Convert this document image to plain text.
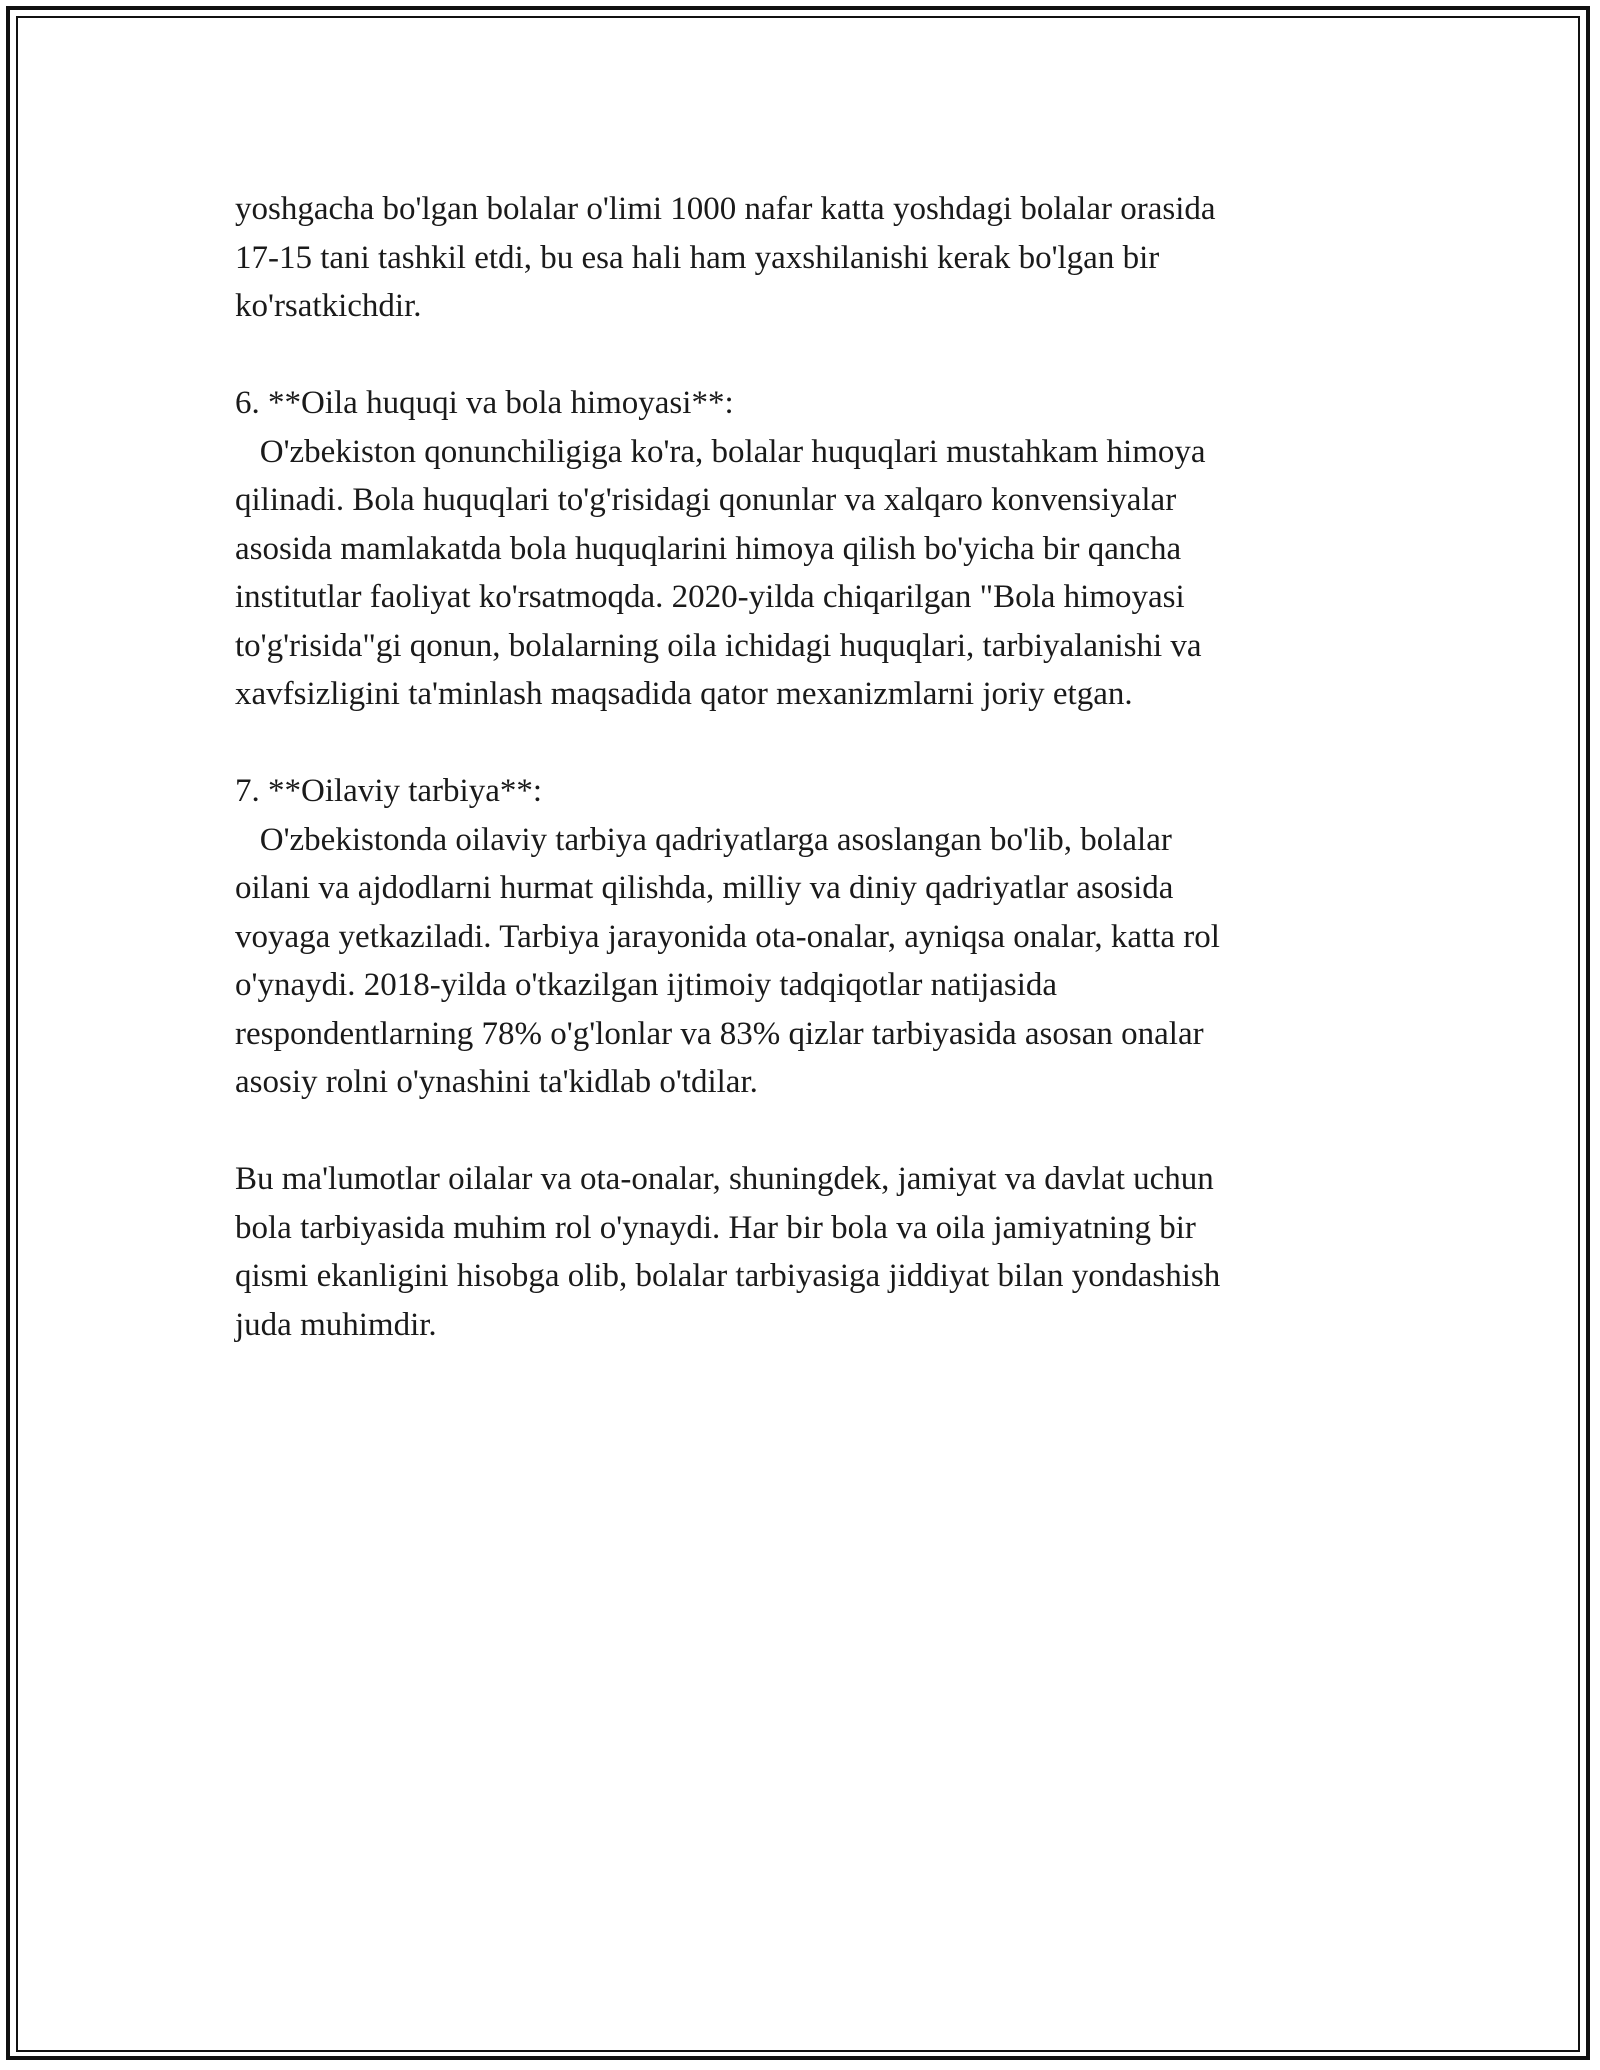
yoshgacha bo'lgan bolalar o'limi 1000 nafar katta yoshdagi bolalar orasida
17-15 tani tashkil etdi, bu esa hali ham yaxshilanishi kerak bo'lgan bir
ko'rsatkichdir.
6. **Oila huquqi va bola himoyasi**:
O'zbekiston qonunchiligiga ko'ra, bolalar huquqlari mustahkam himoya
qilinadi. Bola huquqlari to'g'risidagi qonunlar va xalqaro konvensiyalar
asosida mamlakatda bola huquqlarini himoya qilish bo'yicha bir qancha
institutlar faoliyat ko'rsatmoqda. 2020-yilda chiqarilgan "Bola himoyasi
to'g'risida"gi qonun, bolalarning oila ichidagi huquqlari, tarbiyalanishi va
xavfsizligini ta'minlash maqsadida qator mexanizmlarni joriy etgan.
7. **Oilaviy tarbiya**:
O'zbekistonda oilaviy tarbiya qadriyatlarga asoslangan bo'lib, bolalar
oilani va ajdodlarni hurmat qilishda, milliy va diniy qadriyatlar asosida
voyaga yetkaziladi. Tarbiya jarayonida ota-onalar, ayniqsa onalar, katta rol
o'ynaydi. 2018-yilda o'tkazilgan ijtimoiy tadqiqotlar natijasida
respondentlarning 78% o'g'lonlar va 83% qizlar tarbiyasida asosan onalar
asosiy rolni o'ynashini ta'kidlab o'tdilar.
Bu ma'lumotlar oilalar va ota-onalar, shuningdek, jamiyat va davlat uchun
bola tarbiyasida muhim rol o'ynaydi. Har bir bola va oila jamiyatning bir
qismi ekanligini hisobga olib, bolalar tarbiyasiga jiddiyat bilan yondashish
juda muhimdir.
